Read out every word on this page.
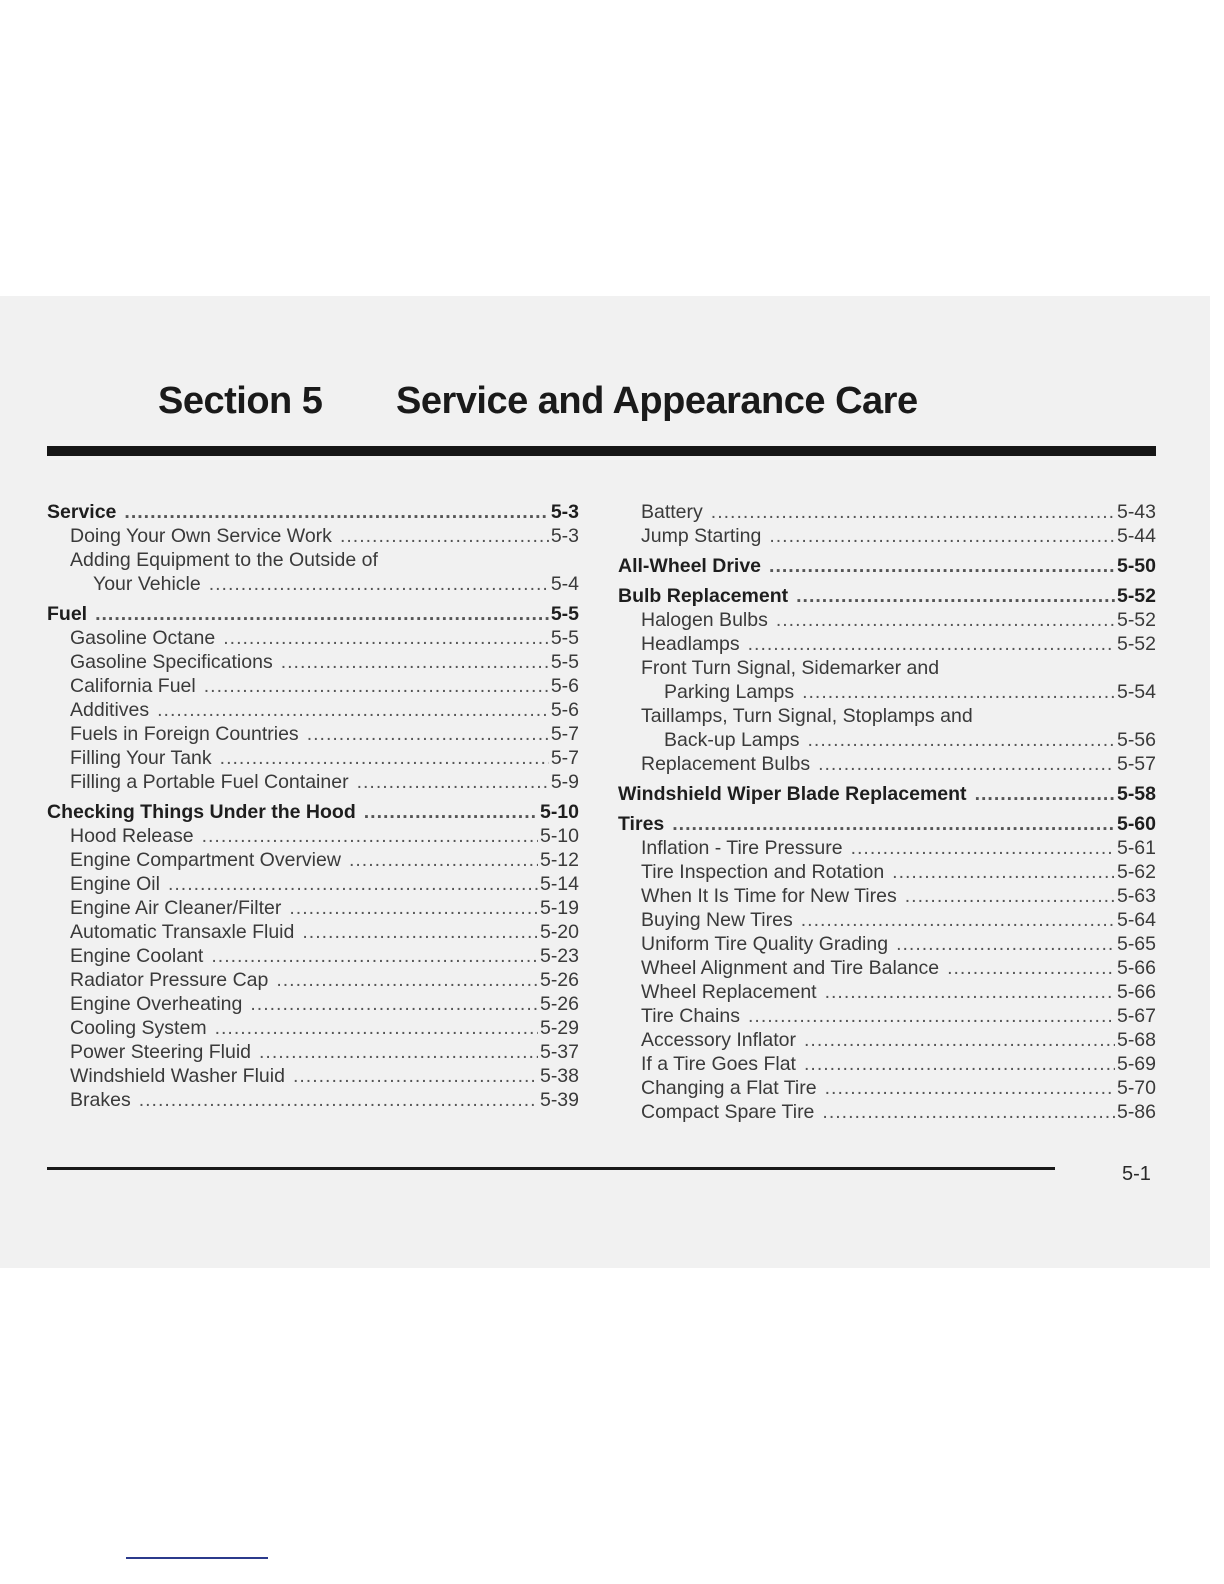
Section 5 Service and Appearance Care
Service .....	5-3
Doing Your Own Service Work .....	5-3
Adding Equipment to the Outside of
Your Vehicle .....	5-4
Fuel .....	5-5
Gasoline Octane .....	5-5
Gasoline Specifications .....	5-5
California Fuel .....	5-6
Additives .....	5-6
Fuels in Foreign Countries .....	5-7
Filling Your Tank .....	5-7
Filling a Portable Fuel Container .....	5-9
Checking Things Under the Hood .....	5-10
Hood Release .....	5-10
Engine Compartment Overview .....	5-12
Engine Oil .....	5-14
Engine Air Cleaner/Filter .....	5-19
Automatic Transaxle Fluid .....	5-20
Engine Coolant .....	5-23
Radiator Pressure Cap .....	5-26
Engine Overheating .....	5-26
Cooling System .....	5-29
Power Steering Fluid .....	5-37
Windshield Washer Fluid .....	5-38
Brakes .....	5-39
Battery .....	5-43
Jump Starting .....	5-44
All-Wheel Drive .....	5-50
Bulb Replacement .....	5-52
Halogen Bulbs .....	5-52
Headlamps .....	5-52
Front Turn Signal, Sidemarker and
Parking Lamps .....	5-54
Taillamps, Turn Signal, Stoplamps and
Back-up Lamps .....	5-56
Replacement Bulbs .....	5-57
Windshield Wiper Blade Replacement .....	5-58
Tires .....	5-60
Inflation - Tire Pressure .....	5-61
Tire Inspection and Rotation .....	5-62
When It Is Time for New Tires .....	5-63
Buying New Tires .....	5-64
Uniform Tire Quality Grading .....	5-65
Wheel Alignment and Tire Balance .....	5-66
Wheel Replacement .....	5-66
Tire Chains .....	5-67
Accessory Inflator .....	5-68
If a Tire Goes Flat .....	5-69
Changing a Flat Tire .....	5-70
Compact Spare Tire .....	5-86
5-1
